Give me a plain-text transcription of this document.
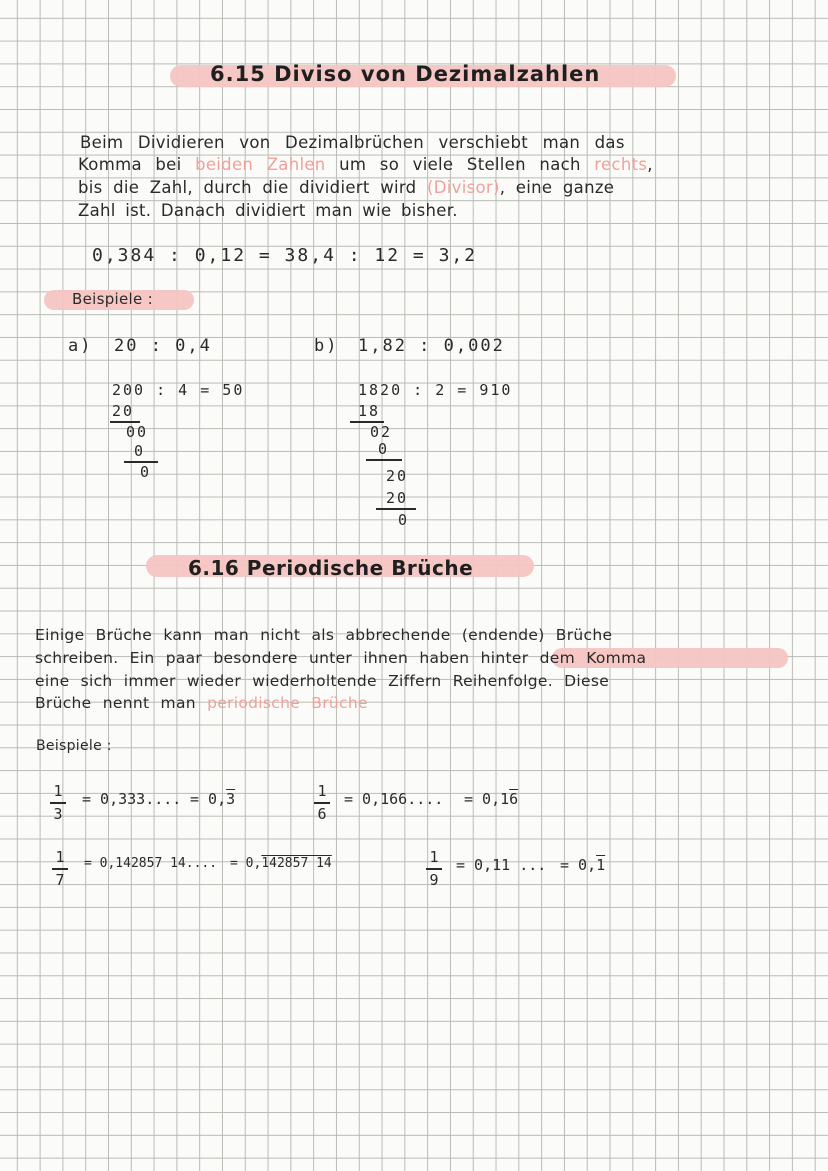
6.15 Diviso von Dezimalzahlen
Beim Dividieren von Dezimalbrüchen verschiebt man das
Komma bei beiden Zahlen um so viele Stellen nach rechts,
bis die Zahl, durch die dividiert wird (Divisor), eine ganze
Zahl ist. Danach dividiert man wie bisher.
0,384 : 0,12 = 38,4 : 12 = 3,2
Beispiele :
a) 20 : 0,4
200 : 4 = 50
20
00
0
0
b) 1,82 : 0,002
1820 : 2 = 910
18
02
0
20
20
0
6.16 Periodische Brüche
Einige Brüche kann man nicht als abbrechende (endende) Brüche
schreiben. Ein paar besondere unter ihnen haben hinter dem Komma
eine sich immer wieder wiederholtende Ziffern Reihenfolge. Diese
Brüche nennt man periodische Brüche
Beispiele :
1
3
= 0,333.... = 0,3	1
6
= 0,166.... = 0,16
1
7
= 0,142857 14.... = 0,142857 14	1
9
= 0,11 ... = 0,1
